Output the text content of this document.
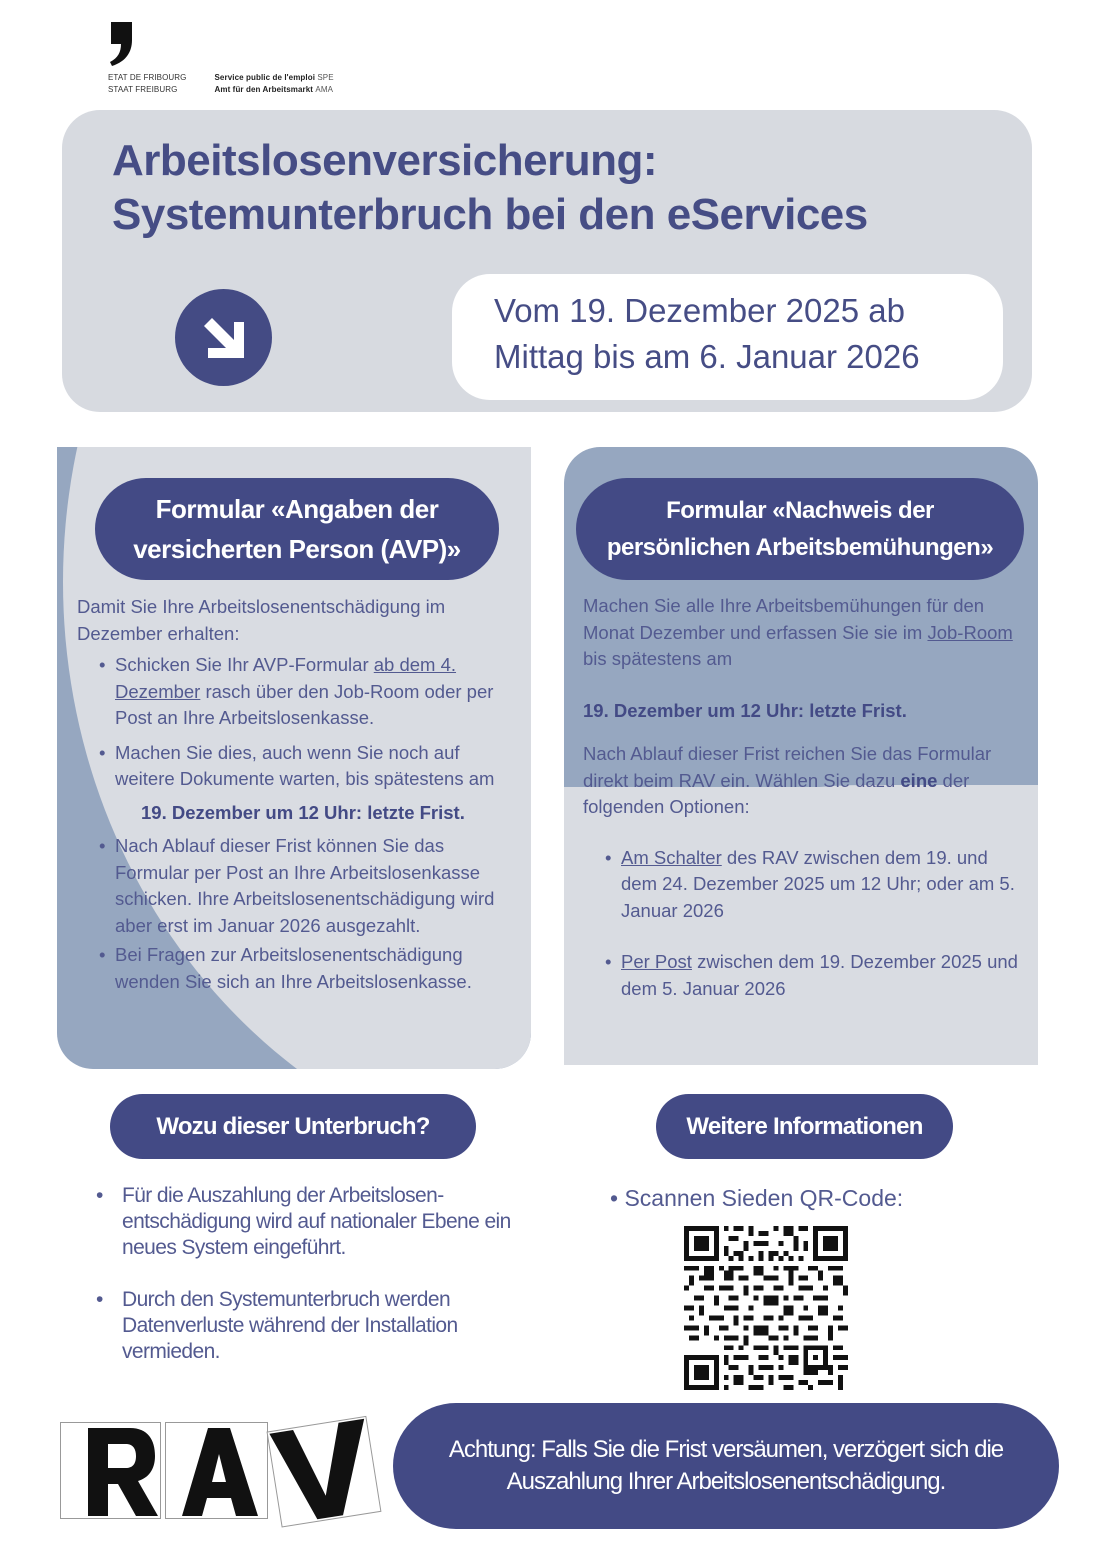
ETAT DE FRIBOURG
STAAT FREIBURG
Service public de l'emploi SPE
Amt für den Arbeitsmarkt AMA
Arbeitslosenversicherung:
Systemunterbruch bei den eServices
Vom 19. Dezember 2025 ab
Mittag bis am 6. Januar 2026
Formular «Angaben der
versicherten Person (AVP)»

Damit Sie Ihre Arbeitslosenentschädigung im Dezember erhalten:

• Schicken Sie Ihr AVP-Formular ab dem 4. Dezember rasch über den Job-Room oder per Post an Ihre Arbeitslosenkasse.
• Machen Sie dies, auch wenn Sie noch auf weitere Dokumente warten, bis spätestens am

19. Dezember um 12 Uhr: letzte Frist.

• Nach Ablauf dieser Frist können Sie das Formular per Post an Ihre Arbeitslosenkasse schicken. Ihre Arbeitslosenentschädigung wird aber erst im Januar 2026 ausgezahlt.
• Bei Fragen zur Arbeitslosenentschädigung wenden Sie sich an Ihre Arbeitslosenkasse.
Formular «Nachweis der
persönlichen Arbeitsbemühungen»

Machen Sie alle Ihre Arbeitsbemühungen für den Monat Dezember und erfassen Sie sie im Job-Room bis spätestens am

19. Dezember um 12 Uhr: letzte Frist.

Nach Ablauf dieser Frist reichen Sie das Formular direkt beim RAV ein. Wählen Sie dazu eine der folgenden Optionen:

• Am Schalter des RAV zwischen dem 19. und dem 24. Dezember 2025 um 12 Uhr; oder am 5. Januar 2026
• Per Post zwischen dem 19. Dezember 2025 und dem 5. Januar 2026
Wozu dieser Unterbruch?
• Für die Auszahlung der Arbeitslosen-entschädigung wird auf nationaler Ebene ein neues System eingeführt.
• Durch den Systemunterbruch werden Datenverluste während der Installation vermieden.
Weitere Informationen
• Scannen Sieden QR-Code:
Achtung: Falls Sie die Frist versäumen, verzögert sich die Auszahlung Ihrer Arbeitslosenentschädigung.
